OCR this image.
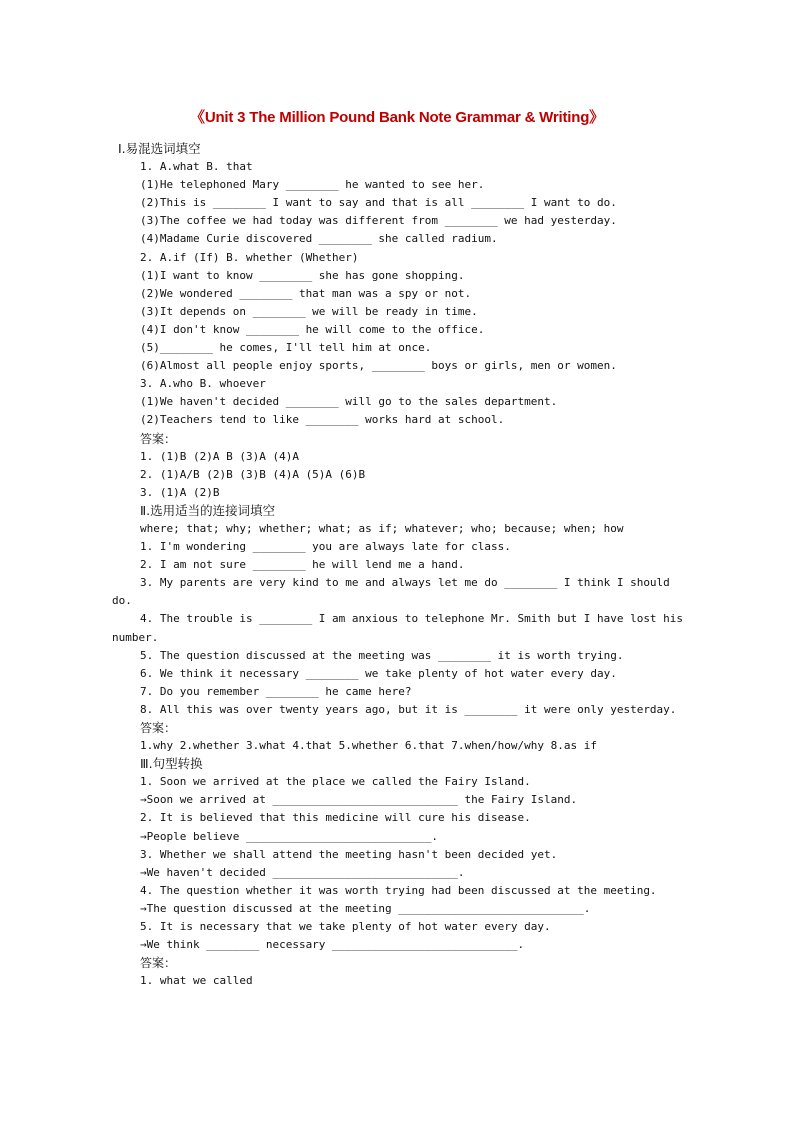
《Unit 3 The Million Pound Bank Note Grammar & Writing》

Ⅰ.易混选词填空

1. A.what B. that

(1)He telephoned Mary ________ he wanted to see her.

(2)This is ________ I want to say and that is all ________ I want to do.

(3)The coffee we had today was different from ________ we had yesterday.

(4)Madame Curie discovered ________ she called radium.

2. A.if (If) B. whether (Whether)

(1)I want to know ________ she has gone shopping.

(2)We wondered ________ that man was a spy or not.

(3)It depends on ________ we will be ready in time.

(4)I don't know ________ he will come to the office.

(5)________ he comes, I'll tell him at once.

(6)Almost all people enjoy sports, ________ boys or girls, men or women.

3. A.who B. whoever

(1)We haven't decided ________ will go to the sales department.

(2)Teachers tend to like ________ works hard at school.

答案：

1. (1)B (2)A B (3)A (4)A

2. (1)A/B (2)B (3)B (4)A (5)A (6)B

3. (1)A (2)B

Ⅱ.选用适当的连接词填空

where; that; why; whether; what; as if; whatever; who; because; when; how

1. I'm wondering ________ you are always late for class.

2. I am not sure ________ he will lend me a hand.

3. My parents are very kind to me and always let me do ________ I think I should do.

4. The trouble is ________ I am anxious to telephone Mr. Smith but I have lost his number.

5. The question discussed at the meeting was ________ it is worth trying.

6. We think it necessary ________ we take plenty of hot water every day.

7. Do you remember ________ he came here?

8. All this was over twenty years ago, but it is ________ it were only yesterday.

答案：

1.why 2.whether 3.what 4.that 5.whether 6.that 7.when/how/why 8.as if

Ⅲ.句型转换

1. Soon we arrived at the place we called the Fairy Island.

→Soon we arrived at ____________________________ the Fairy Island.

2. It is believed that this medicine will cure his disease.

→People believe ____________________________.

3. Whether we shall attend the meeting hasn't been decided yet.

→We haven't decided ____________________________.

4. The question whether it was worth trying had been discussed at the meeting.

→The question discussed at the meeting ____________________________.

5. It is necessary that we take plenty of hot water every day.

→We think ________ necessary ____________________________.

答案：

1. what we called
